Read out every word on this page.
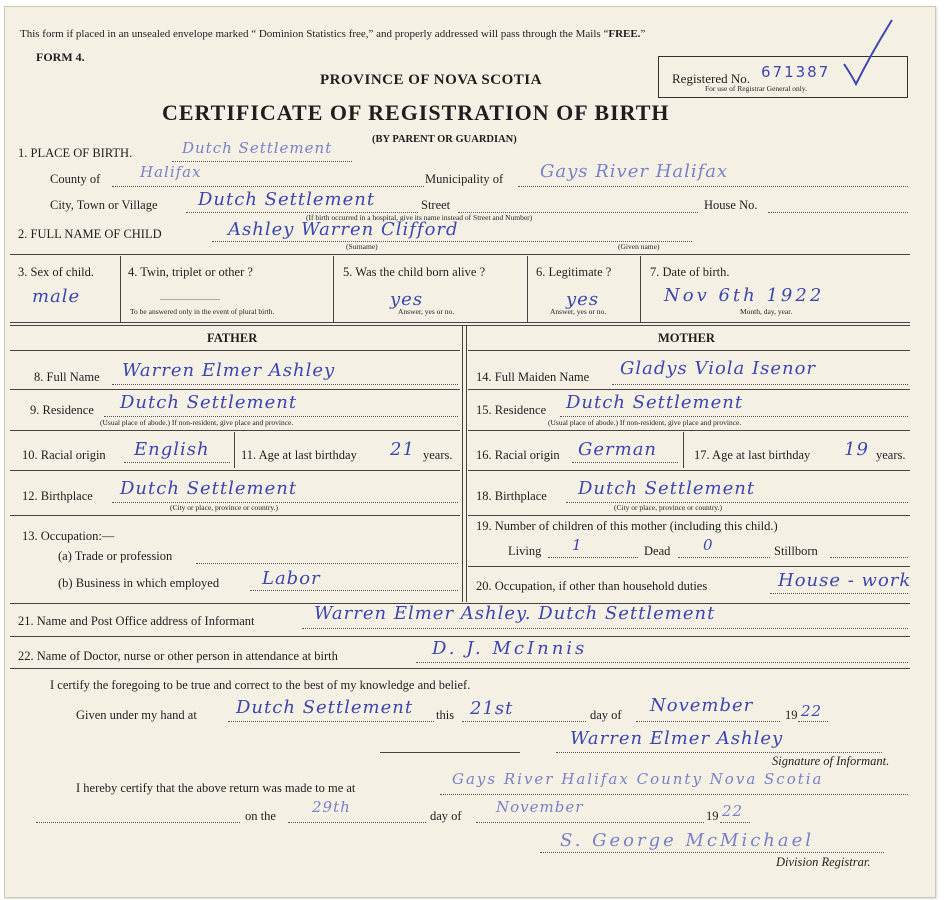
This form if placed in an unsealed envelope marked “ Dominion Statistics free,” and properly addressed will pass through the Mails “FREE.”
FORM 4.
PROVINCE OF NOVA SCOTIA
CERTIFICATE OF REGISTRATION OF BIRTH
(BY PARENT OR GUARDIAN)
Registered No. 671387
For use of Registrar General only.
1. PLACE OF BIRTH.	Dutch Settlement
County of	Halifax	Municipality of Gays River Halifax
City, Town or Village Dutch Settlement	Street	House No.
(If birth occurred in a hospital, give its name instead of Street and Number)
2. FULL NAME OF CHILD	Ashley Warren Clifford
(Surname)	(Given name)
3. Sex of child.
male
4. Twin, triplet or other ?
To be answered only in the event of plural birth.
5. Was the child born alive ?
yes
Answer, yes or no.
6. Legitimate ?
yes
Answer, yes or no.
7. Date of birth.
Nov 6th 1922
Month, day, year.
FATHER	MOTHER
8. Full Name Warren Elmer Ashley
9. Residence Dutch Settlement
(Usual place of abode.) If non-resident, give place and province.
10. Racial origin English	11. Age at last birthday 21 years.
12. Birthplace Dutch Settlement
(City or place, province or country.)
13. Occupation:—
(a) Trade or profession
(b) Business in which employed Labor
14. Full Maiden Name Gladys Viola Isenor
15. Residence Dutch Settlement
(Usual place of abode.) If non-resident, give place and province.
16. Racial origin German	17. Age at last birthday 19 years.
18. Birthplace Dutch Settlement
(City or place, province or country.)
19. Number of children of this mother (including this child.)
Living 1	Dead 0	Stillborn
20. Occupation, if other than household duties	House - work
21. Name and Post Office address of Informant	Warren Elmer Ashley. Dutch Settlement
22. Name of Doctor, nurse or other person in attendance at birth	D. J. McInnis
I certify the foregoing to be true and correct to the best of my knowledge and belief.
Given under my hand at Dutch Settlement this 21st	day of November	19 22
Warren Elmer Ashley
Signature of Informant.
I hereby certify that the above return was made to me at	Gays River Halifax County Nova Scotia
on the 29th	day of November	19 22
S. George McMichael
Division Registrar.
